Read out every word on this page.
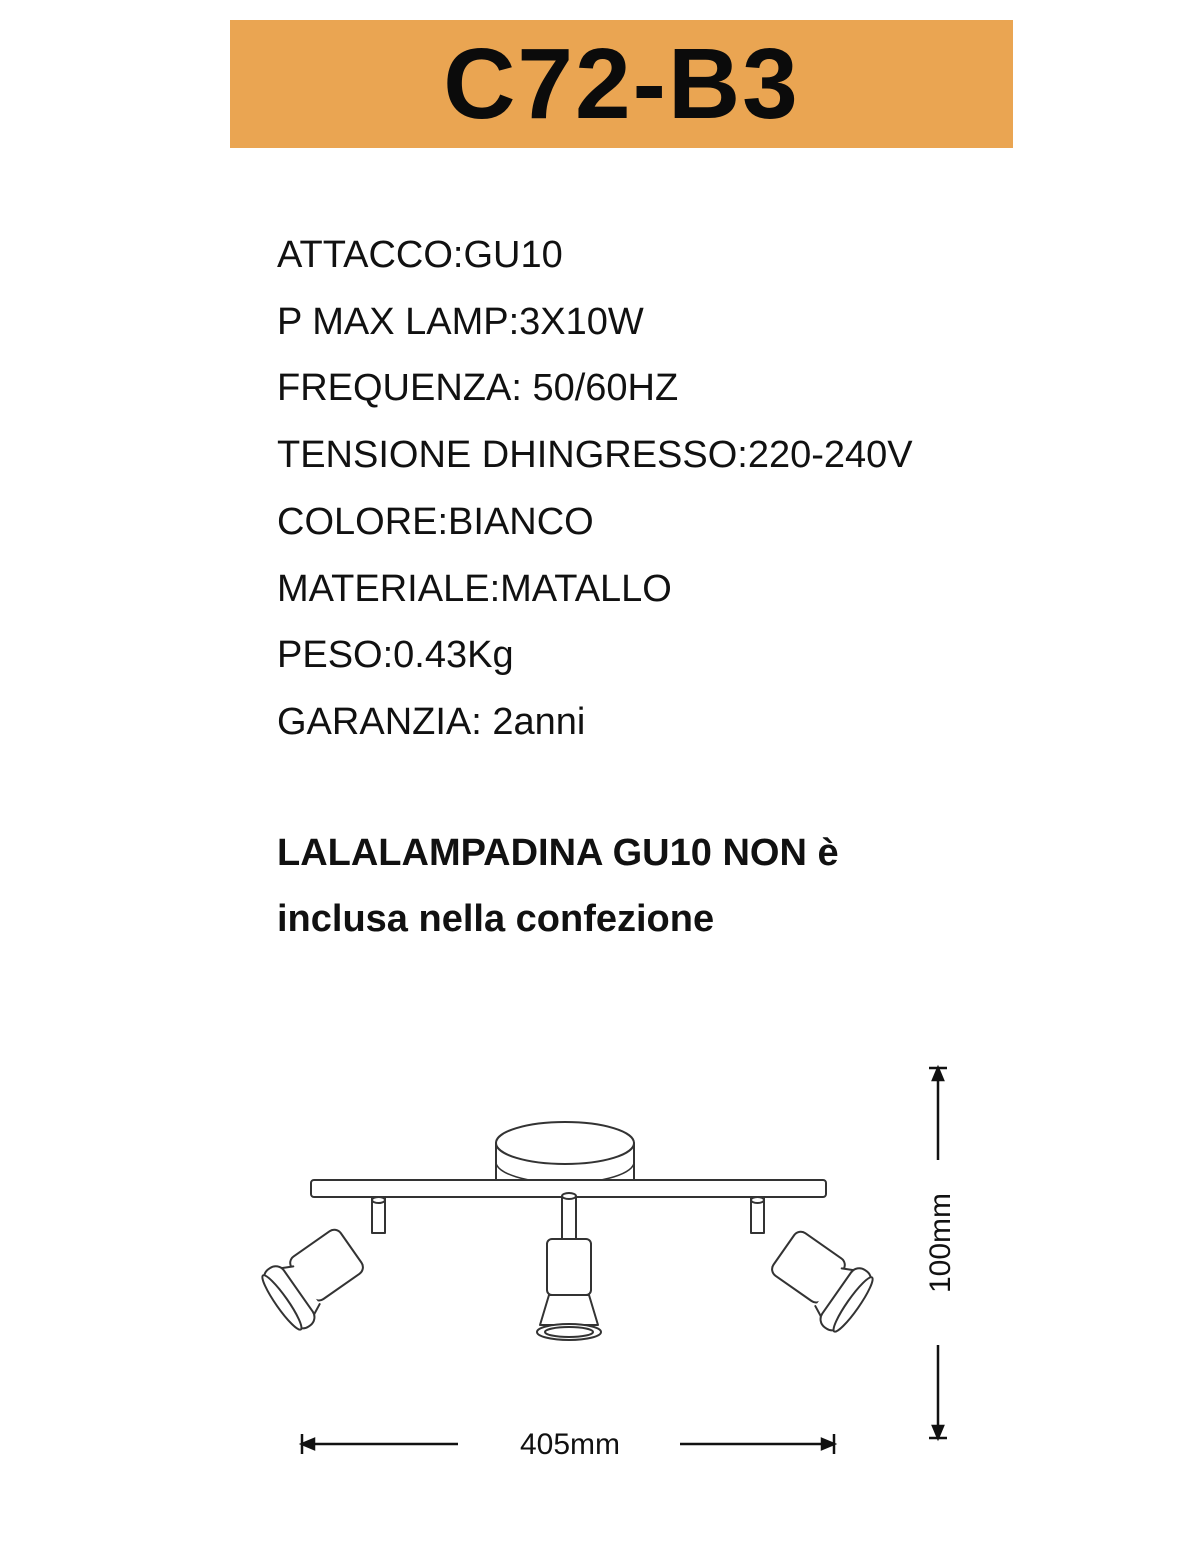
C72-B3
ATTACCO:GU10
P MAX LAMP:3X10W
FREQUENZA: 50/60HZ
TENSIONE DHINGRESSO:220-240V
COLORE:BIANCO
MATERIALE:MATALLO
PESO:0.43Kg
GARANZIA: 2anni
LALALAMPADINA GU10 NON è
inclusa nella confezione
100mm
405mm
